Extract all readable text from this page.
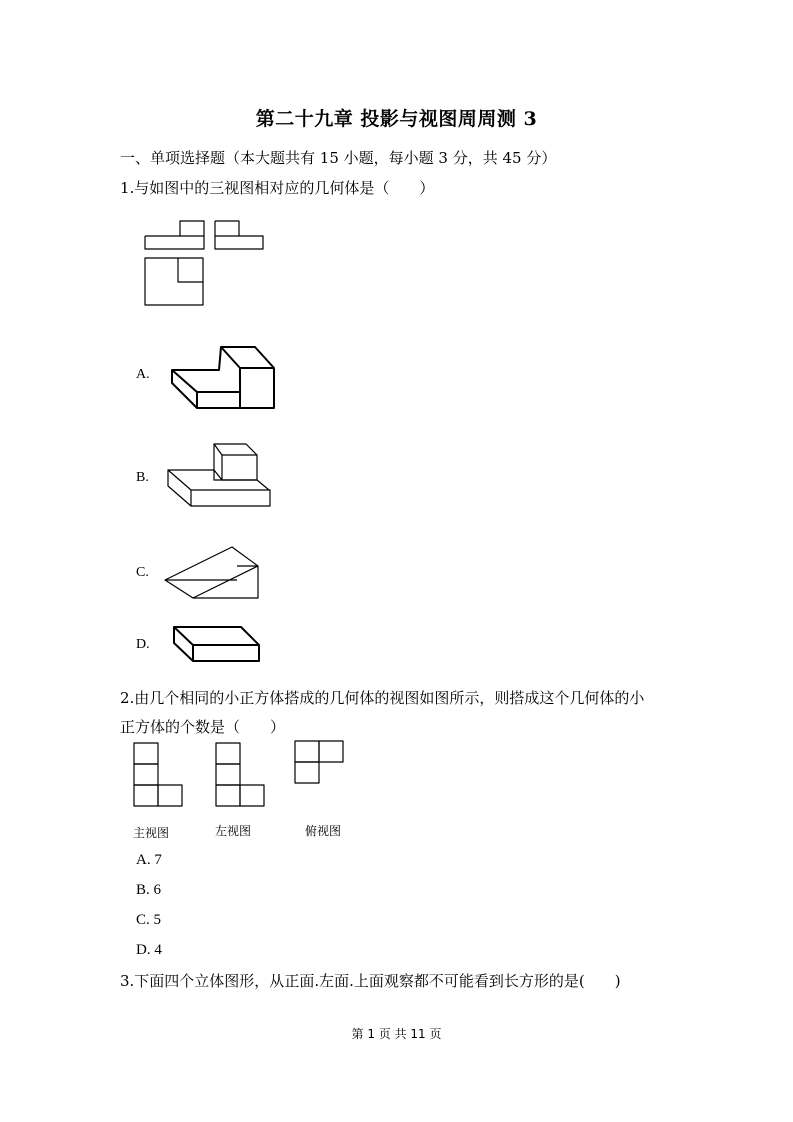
第二十九章 投影与视图周周测 3
一、单项选择题（本大题共有 15 小题，每小题 3 分，共 45 分）
1.与如图中的三视图相对应的几何体是（　　）
A.
B.
C.
D.
2.由几个相同的小正方体搭成的几何体的视图如图所示，则搭成这个几何体的小
正方体的个数是（　　）
主视图	左视图	俯视图
A. 7
B. 6
C. 5
D. 4
3.下面四个立体图形，从正面.左面.上面观察都不可能看到长方形的是(　　)
第 1 页 共 11 页
